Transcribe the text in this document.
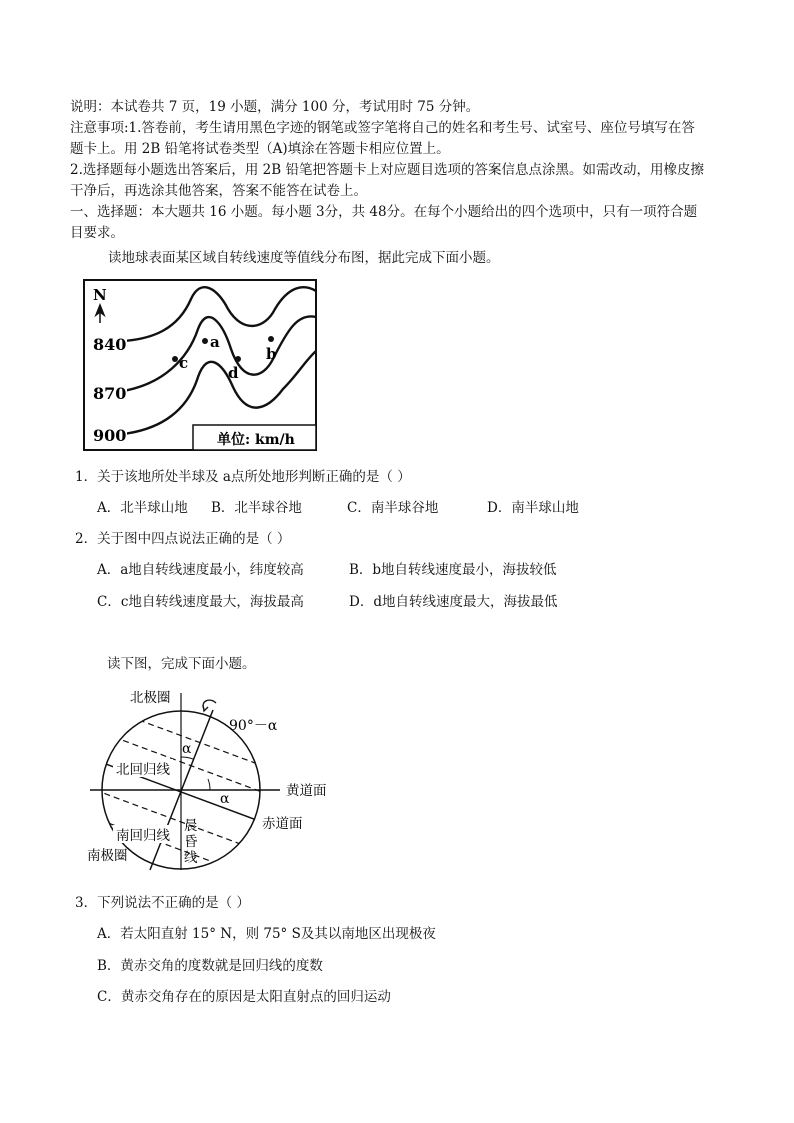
说明：本试卷共 7 页，19 小题，满分 100 分，考试用时 75 分钟。
注意事项:1.答卷前，考生请用黑色字迹的钢笔或签字笔将自己的姓名和考生号、试室号、座位号填写在答
题卡上。用 2B 铅笔将试卷类型（A)填涂在答题卡相应位置上。
2.选择题每小题选出答案后，用 2B 铅笔把答题卡上对应题目选项的答案信息点涂黑。如需改动，用橡皮擦
干净后，再选涂其他答案，答案不能答在试卷上。
一、选择题：本大题共 16 小题。每小题 3分，共 48分。在每个小题给出的四个选项中，只有一项符合题
目要求。
读地球表面某区域自转线速度等值线分布图，据此完成下面小题。
N
840
870
900
a
b
c
d
单位: km/h
1．关于该地所处半球及 a点所处地形判断正确的是（ ）
A．北半球山地 B．北半球谷地	C．南半球谷地	D．南半球山地
2．关于图中四点说法正确的是（ ）
A．a地自转线速度最小，纬度较高	B．b地自转线速度最小，海拔较低
C．c地自转线速度最大，海拔最高	D．d地自转线速度最大，海拔最低
读下图，完成下面小题。
北极圈
90°－α
α
北回归线
α	黄道面
南回归线
赤道面
晨
昏
线
南极圈
3．下列说法不正确的是（ ）
A．若太阳直射 15° N，则 75° S及其以南地区出现极夜
B．黄赤交角的度数就是回归线的度数
C．黄赤交角存在的原因是太阳直射点的回归运动
